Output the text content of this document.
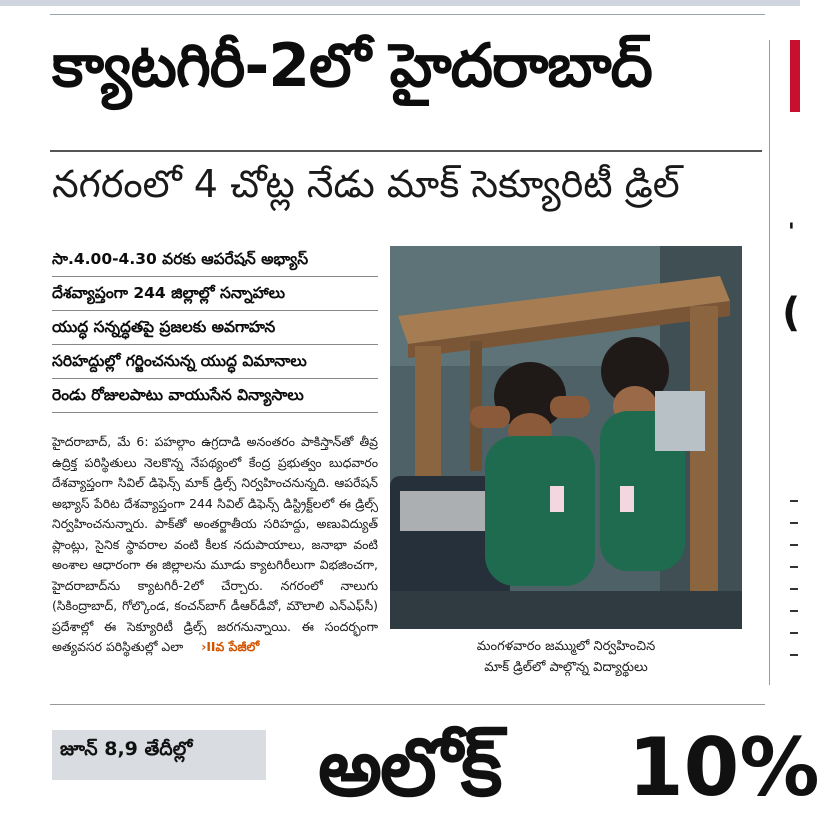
క్యాటగిరీ-2లో హైదరాబాద్
నగరంలో 4 చోట్ల నేడు మాక్ సెక్యూరిటీ డ్రిల్
'
(
సా.4.00-4.30 వరకు ఆపరేషన్ అభ్యాస్
దేశవ్యాప్తంగా 244 జిల్లాల్లో సన్నాహాలు
యుద్ధ సన్నద్ధతపై ప్రజలకు అవగాహన
సరిహద్దుల్లో గర్జించనున్న యుద్ధ విమానాలు
రెండు రోజులపాటు వాయుసేన విన్యాసాలు
హైదరాబాద్, మే 6: పహల్గాం ఉగ్రదాడి అనంతరం పాకిస్తాన్‌తో తీవ్ర ఉద్రిక్త పరిస్థితులు నెలకొన్న నేపథ్యంలో కేంద్ర ప్రభుత్వం బుధవారం దేశవ్యాప్తంగా సివిల్ డిఫెన్స్ మాక్ డ్రిల్స్ నిర్వహించనున్నది. ఆపరేషన్ అభ్యాస్ పేరిట దేశవ్యాప్తంగా 244 సివిల్ డిఫెన్స్ డిస్ట్రిక్ట్‌లలో ఈ డ్రిల్స్ నిర్వహించనున్నారు. పాక్‌తో అంతర్జాతీయ సరిహద్దు, అణువిద్యుత్ ప్లాంట్లు, సైనిక స్థావరాల వంటి కీలక నదుపాయాలు, జనాభా వంటి అంశాల ఆధారంగా ఈ జిల్లాలను మూడు క్యాటగిరీలుగా విభజించగా, హైదరాబాద్‌ను క్యాటగిరీ-2లో చేర్చారు. నగరంలో నాలుగు (సికింద్రాబాద్, గోల్కొండ, కంచన్‌బాగ్ డీఆర్‌డీవో, మౌలాలి ఎన్ఎఫ్‌సీ) ప్రదేశాల్లో ఈ సెక్యూరిటీ డ్రిల్స్ జరగనున్నాయి. ఈ సందర్భంగా అత్యవసర పరిస్థితుల్లో ఎలా ›IIవ పేజీలో	మంగళవారం జమ్ములో నిర్వహించిన
మాక్ డ్రిల్‌లో పాల్గొన్న విద్యార్థులు
జూన్ 8,9 తేదీల్లో అలోక్ 10%
